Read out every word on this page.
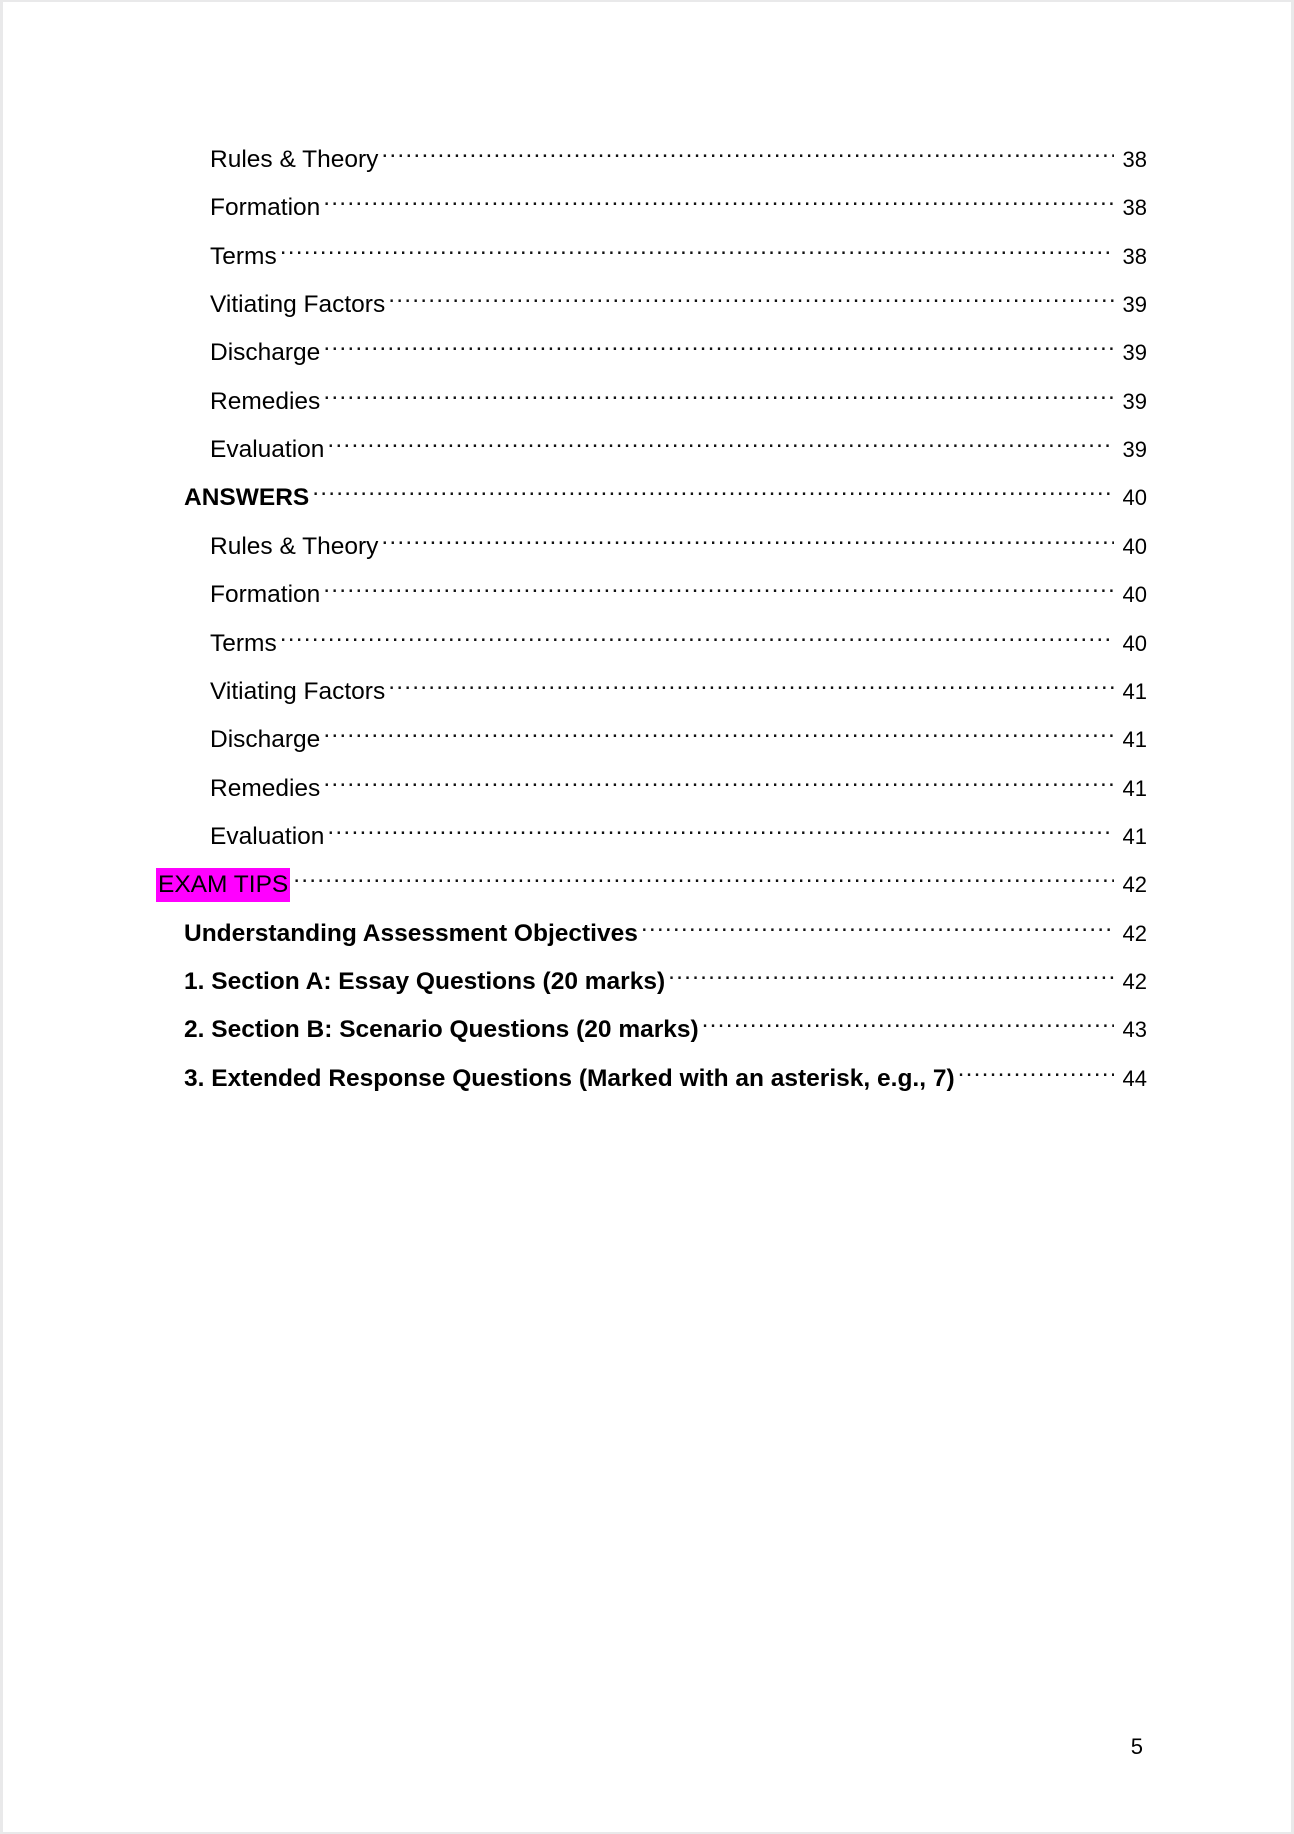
Rules & Theory .....	38
Formation .....	38
Terms .....	38
Vitiating Factors .....	39
Discharge .....	39
Remedies .....	39
Evaluation .....	39
ANSWERS .....	40
Rules & Theory .....	40
Formation .....	40
Terms .....	40
Vitiating Factors .....	41
Discharge .....	41
Remedies .....	41
Evaluation .....	41
EXAM TIPS .....	42
Understanding Assessment Objectives .....	42
1. Section A: Essay Questions (20 marks) .....	42
2. Section B: Scenario Questions (20 marks) .....	43
3. Extended Response Questions (Marked with an asterisk, e.g., 7) .....	44
5
